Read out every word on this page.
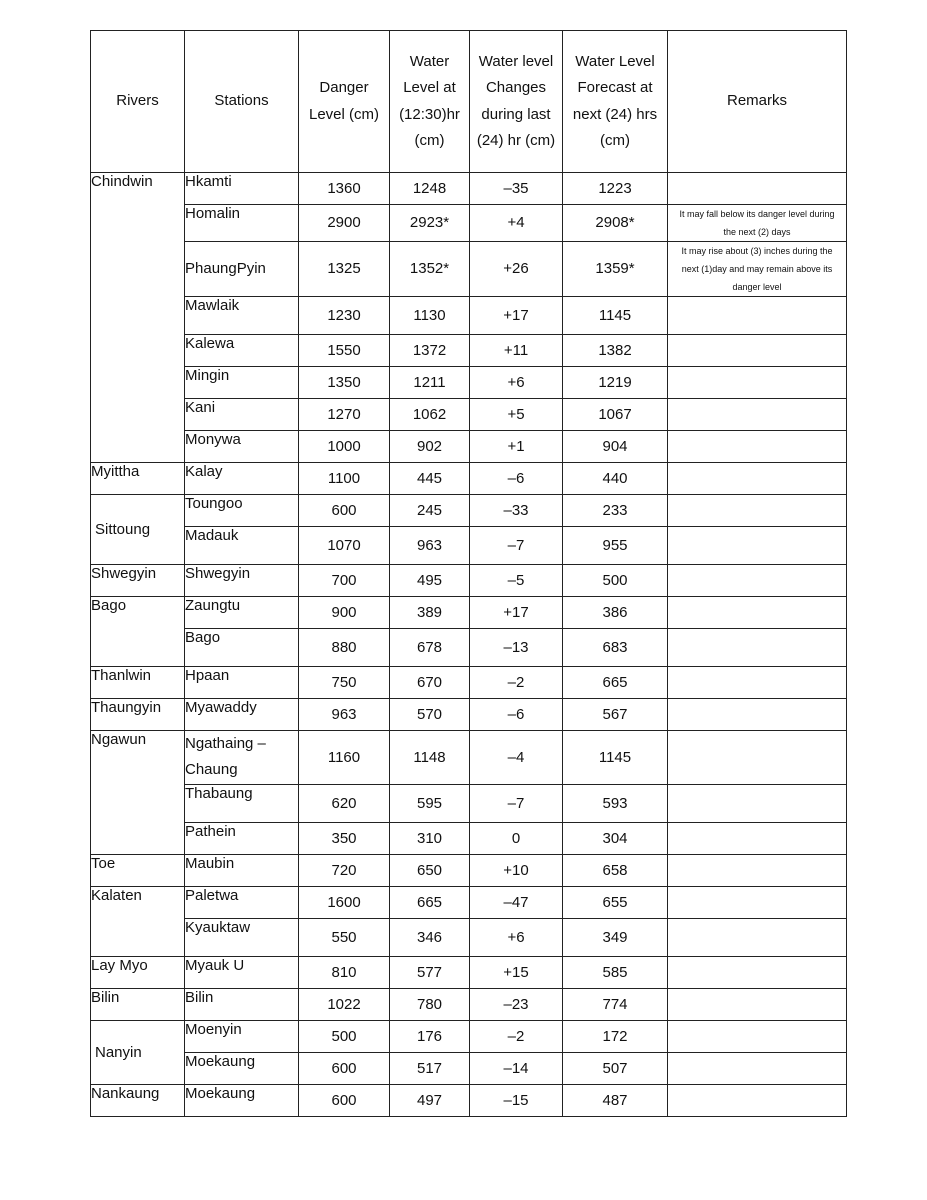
Rivers	Stations	Danger Level (cm)	Water Level at (12:30)hr (cm)	Water level Changes during last (24) hr (cm)	Water Level Forecast at next (24) hrs (cm)	Remarks
Chindwin	Hkamti	1360	1248	–35	1223	
	Homalin	2900	2923*	+4	2908*	It may fall below its danger level during the next (2) days
	PhaungPyin	1325	1352*	+26	1359*	It may rise about (3) inches during the next (1)day and may remain above its danger level
	Mawlaik	1230	1130	+17	1145	
	Kalewa	1550	1372	+11	1382	
	Mingin	1350	1211	+6	1219	
	Kani	1270	1062	+5	1067	
	Monywa	1000	902	+1	904	
Myittha	Kalay	1100	445	–6	440	
Sittoung	Toungoo	600	245	–33	233	
	Madauk	1070	963	–7	955	
Shwegyin	Shwegyin	700	495	–5	500	
Bago	Zaungtu	900	389	+17	386	
	Bago	880	678	–13	683	
Thanlwin	Hpaan	750	670	–2	665	
Thaungyin	Myawaddy	963	570	–6	567	
Ngawun	Ngathaing – Chaung	1160	1148	–4	1145	
	Thabaung	620	595	–7	593	
	Pathein	350	310	0	304	
Toe	Maubin	720	650	+10	658	
Kalaten	Paletwa	1600	665	–47	655	
	Kyauktaw	550	346	+6	349	
Lay Myo	Myauk U	810	577	+15	585	
Bilin	Bilin	1022	780	–23	774	
Nanyin	Moenyin	500	176	–2	172	
	Moekaung	600	517	–14	507	
Nankaung	Moekaung	600	497	–15	487	
